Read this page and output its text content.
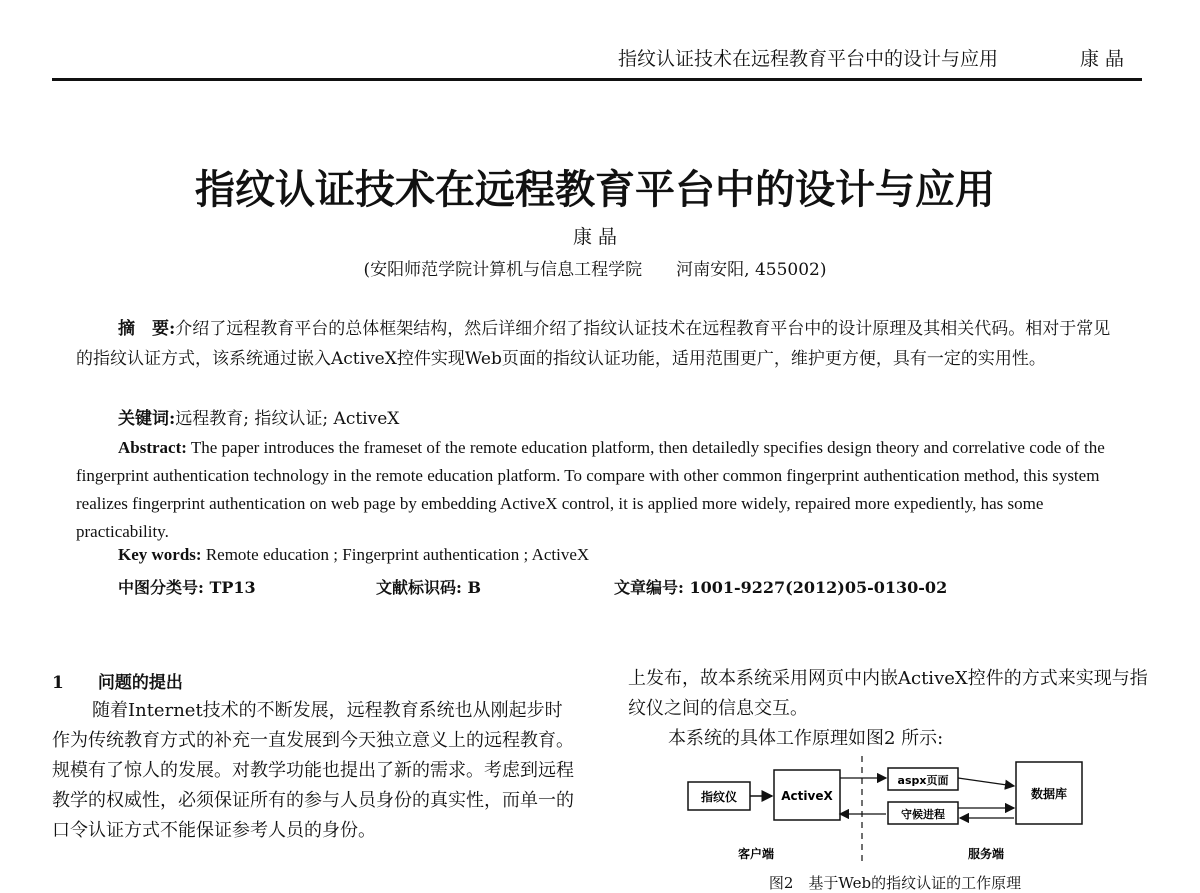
指纹认证技术在远程教育平台中的设计与应用	康 晶
指纹认证技术在远程教育平台中的设计与应用
康 晶
(安阳师范学院计算机与信息工程学院　　河南安阳, 455002)

摘　要:介绍了远程教育平台的总体框架结构，然后详细介绍了指纹认证技术在远程教育平台中的设计原理及其相关代码。相对于常见的指纹认证方式，该系统通过嵌入ActiveX控件实现Web页面的指纹认证功能，适用范围更广，维护更方便，具有一定的实用性。

关键词:远程教育; 指纹认证; ActiveX

Abstract: The paper introduces the frameset of the remote education platform, then detailedly specifies design theory and correlative code of the fingerprint authentication technology in the remote education platform. To compare with other common fingerprint authentication method, this system realizes fingerprint authentication on web page by embedding ActiveX control, it is applied more widely, repaired more expediently, has some practicability.

Key words: Remote education ; Fingerprint authentication ; ActiveX
中图分类号: TP13	文献标识码: B	文章编号: 1001-9227(2012)05-0130-02
1　　问题的提出

随着Internet技术的不断发展，远程教育系统也从刚起步时作为传统教育方式的补充一直发展到今天独立意义上的远程教育。规模有了惊人的发展。对教学功能也提出了新的需求。考虑到远程教学的权威性，必须保证所有的参与人员身份的真实性，而单一的口令认证方式不能保证参考人员的身份。

上发布，故本系统采用网页中内嵌ActiveX控件的方式来实现与指纹仪之间的信息交互。

本系统的具体工作原理如图2 所示:
指纹仪	ActiveX
aspx页面
守候进程
数据库
客户端	服务端
图2　基于Web的指纹认证的工作原理
